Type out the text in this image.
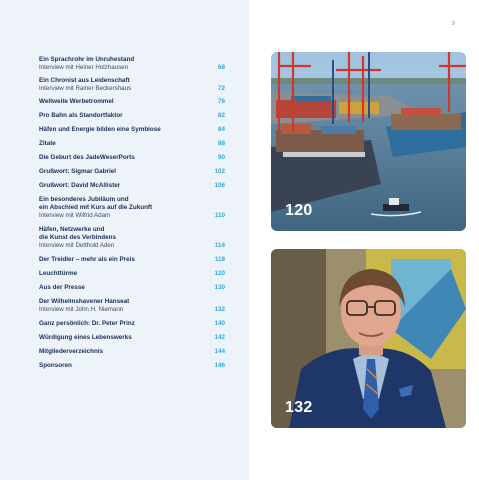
Ein Sprachrohr im Unruhestand
Interview mit Heiner Holzhausen	68
Ein Chronist aus Leidenschaft
Interview mit Rainer Beckershaus	72
Weltweite Werbetrommel	76
Pro Bahn als Standortfaktor	82
Häfen und Energie bilden eine Symbiose	84
Zitate	88
Die Geburt des JadeWeserPorts	90
Grußwort: Sigmar Gabriel	102
Grußwort: David McAllister	106
Ein besonderes Jubiläum und
ein Abschied mit Kurs auf die Zukunft
Interview mit Wilfrid Adam	110
Häfen, Netzwerke und
die Kunst des Verbindens
Interview mit Detthold Aden	114
Der Treidler – mehr als ein Preis	118
Leuchttürme	120
Aus der Presse	130
Der Wilhelmshavener Hanseat
Interview mit John H. Niemann	132
Ganz persönlich: Dr. Peter Prinz	140
Würdigung eines Lebenswerks	142
Mitgliederverzeichnis	144
Sponsoren	146
9
120
132
